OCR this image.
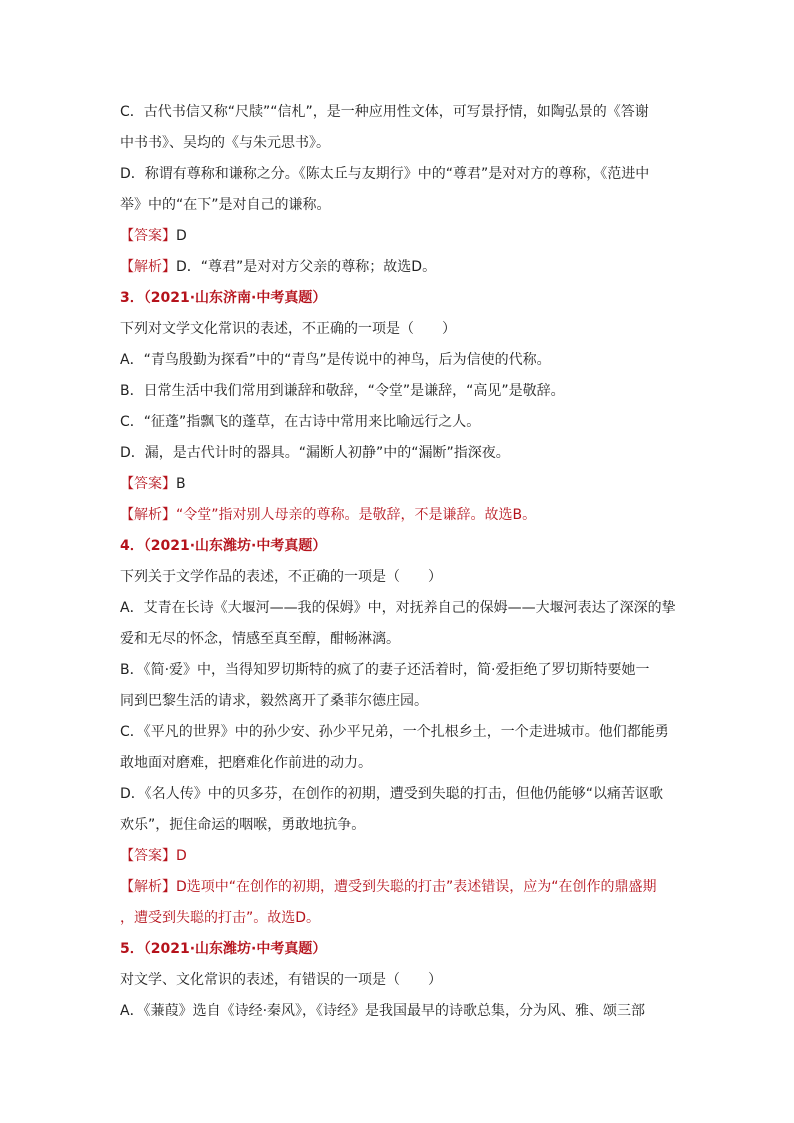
C．古代书信又称“尺牍”“信札”，是一种应用性文体，可写景抒情，如陶弘景的《答谢
中书书》、吴均的《与朱元思书》。
D．称谓有尊称和谦称之分。《陈太丘与友期行》中的“尊君”是对对方的尊称，《范进中
举》中的“在下”是对自己的谦称。
【答案】D
【解析】D．“尊君”是对对方父亲的尊称；故选D。
3．（2021·山东济南·中考真题）
下列对文学文化常识的表述，不正确的一项是（　　）
A．“青鸟殷勤为探看”中的“青鸟”是传说中的神鸟，后为信使的代称。
B．日常生活中我们常用到谦辞和敬辞，“令堂”是谦辞，“高见”是敬辞。
C．“征蓬”指飘飞的蓬草，在古诗中常用来比喻远行之人。
D．漏，是古代计时的器具。“漏断人初静”中的“漏断”指深夜。
【答案】B
【解析】“令堂”指对别人母亲的尊称。是敬辞，不是谦辞。故选B。
4．（2021·山东潍坊·中考真题）
下列关于文学作品的表述，不正确的一项是（　　）
A．艾青在长诗《大堰河——我的保姆》中，对抚养自己的保姆——大堰河表达了深深的挚
爱和无尽的怀念，情感至真至醇，酣畅淋漓。
B．《简·爱》中，当得知罗切斯特的疯了的妻子还活着时，简·爱拒绝了罗切斯特要她一
同到巴黎生活的请求，毅然离开了桑菲尔德庄园。
C．《平凡的世界》中的孙少安、孙少平兄弟，一个扎根乡土，一个走进城市。他们都能勇
敢地面对磨难，把磨难化作前进的动力。
D．《名人传》中的贝多芬，在创作的初期，遭受到失聪的打击，但他仍能够“以痛苦讴歌
欢乐”，扼住命运的咽喉，勇敢地抗争。
【答案】D
【解析】D选项中“在创作的初期，遭受到失聪的打击”表述错误，应为“在创作的鼎盛期
，遭受到失聪的打击”。故选D。
5．（2021·山东潍坊·中考真题）
对文学、文化常识的表述，有错误的一项是（　　）
A．《蒹葭》选自《诗经·秦风》，《诗经》是我国最早的诗歌总集，分为风、雅、颂三部
